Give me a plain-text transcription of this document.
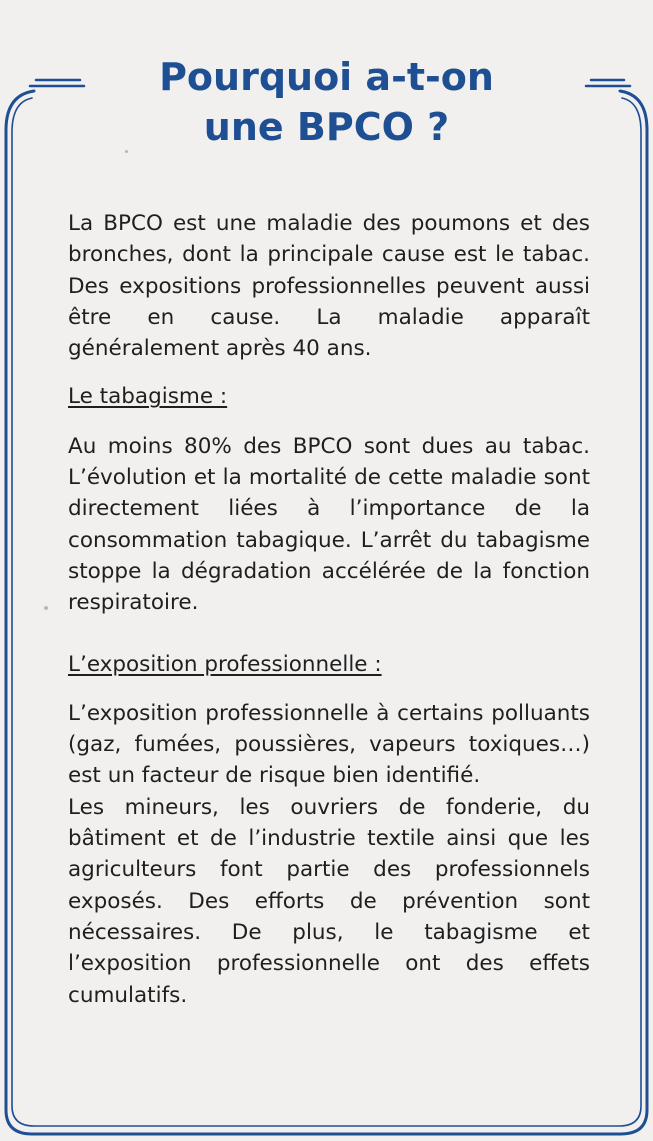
Pourquoi a-t-on
une BPCO ?

La BPCO est une maladie des poumons et des bronches, dont la principale cause est le tabac. Des expositions professionnelles peuvent aussi être en cause. La maladie apparaît généralement après 40 ans.

Le tabagisme :

Au moins 80% des BPCO sont dues au tabac. L’évolution et la mortalité de cette maladie sont directement liées à l’importance de la consommation tabagique. L’arrêt du tabagisme stoppe la dégradation accélérée de la fonction respiratoire.

L’exposition professionnelle :

L’exposition professionnelle à certains polluants (gaz, fumées, poussières, vapeurs toxiques…) est un facteur de risque bien identifié.

Les mineurs, les ouvriers de fonderie, du bâtiment et de l’industrie textile ainsi que les agriculteurs font partie des professionnels exposés. Des efforts de prévention sont nécessaires. De plus, le tabagisme et l’exposition professionnelle ont des effets cumulatifs.
